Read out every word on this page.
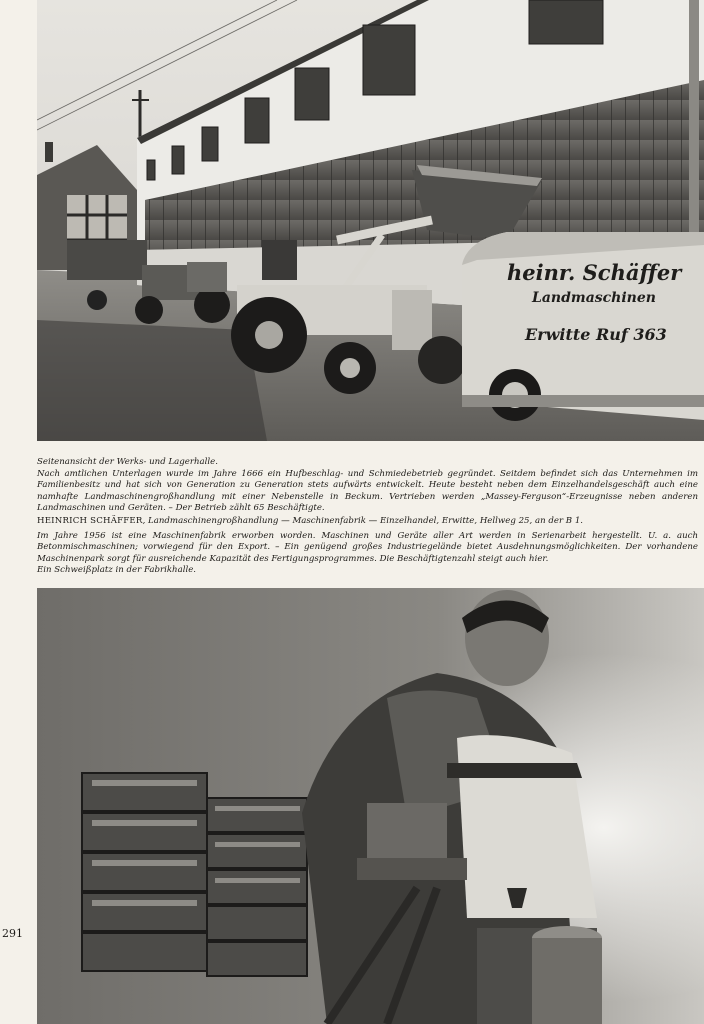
heinr. Schäffer
Landmaschinen
Erwitte Ruf 363

Seitenansicht der Werks- und Lagerhalle.

Nach amtlichen Unterlagen wurde im Jahre 1666 ein Hufbeschlag- und Schmiedebetrieb gegründet. Seitdem befindet sich das Unternehmen im Familienbesitz und hat sich von Generation zu Generation stets aufwärts entwickelt. Heute besteht neben dem Einzelhandelsgeschäft auch eine namhafte Landmaschinengroßhandlung mit einer Nebenstelle in Beckum. Vertrieben werden „Massey-Ferguson“-Erzeugnisse neben anderen Landmaschinen und Geräten. – Der Betrieb zählt 65 Beschäftigte.

HEINRICH SCHÄFFER, Landmaschinengroßhandlung — Maschinenfabrik — Einzelhandel, Erwitte, Hellweg 25, an der B 1.

Im Jahre 1956 ist eine Maschinenfabrik erworben worden. Maschinen und Geräte aller Art werden in Serienarbeit hergestellt. U. a. auch Betonmischmaschinen; vorwiegend für den Export. – Ein genügend großes Industriegelände bietet Ausdehnungsmöglichkeiten. Der vorhandene Maschinenpark sorgt für ausreichende Kapazität des Fertigungsprogrammes. Die Beschäftigtenzahl steigt auch hier.

Ein Schweißplatz in der Fabrikhalle.

291
